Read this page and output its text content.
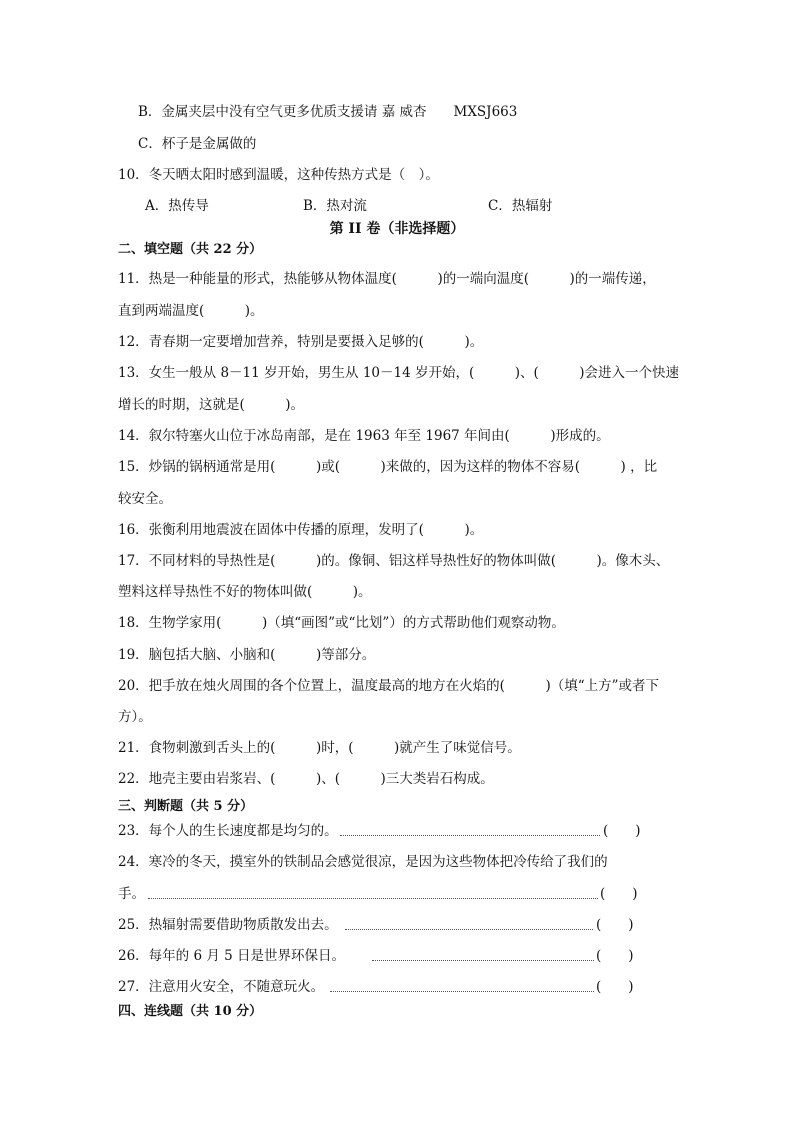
B．金属夹层中没有空气更多优质支援请 嘉 威杏　　MXSJ663
C．杯子是金属做的
10．冬天晒太阳时感到温暖，这种传热方式是（　）。
A．热传导	B．热对流	C．热辐射
第 II 卷（非选择题）
二、填空题（共 22 分）
11．热是一种能量的形式，热能够从物体温度(　　　)的一端向温度(　　　)的一端传递，
直到两端温度(　　　)。
12．青春期一定要增加营养，特别是要摄入足够的(　　　)。
13．女生一般从 8－11 岁开始，男生从 10－14 岁开始，(　　　)、(　　　)会进入一个快速
增长的时期，这就是(　　　)。
14．叙尔特塞火山位于冰岛南部，是在 1963 年至 1967 年间由(　　　)形成的。
15．炒锅的锅柄通常是用(　　　)或(　　　)来做的，因为这样的物体不容易(　　　) ，比
较安全。
16．张衡利用地震波在固体中传播的原理，发明了(　　　)。
17．不同材料的导热性是(　　　)的。像铜、铝这样导热性好的物体叫做(　　　)。像木头、
塑料这样导热性不好的物体叫做(　　　)。
18．生物学家用(　　　)（填“画图”或“比划”）的方式帮助他们观察动物。
19．脑包括大脑、小脑和(　　　)等部分。
20．把手放在烛火周围的各个位置上，温度最高的地方在火焰的(　　　)（填“上方”或者下
方）。
21．食物刺激到舌头上的(　　　)时，(　　　)就产生了味觉信号。
22．地壳主要由岩浆岩、(　　　)、(　　　)三大类岩石构成。
三、判断题（共 5 分）
23．每个人的生长速度都是均匀的。	(　　)
24．寒冷的冬天，摸室外的铁制品会感觉很凉，是因为这些物体把冷传给了我们的
手。	(　　)
25．热辐射需要借助物质散发出去。	(　　)
26．每年的 6 月 5 日是世界环保日。	(　　)
27．注意用火安全，不随意玩火。	(　　)
四、连线题（共 10 分）
